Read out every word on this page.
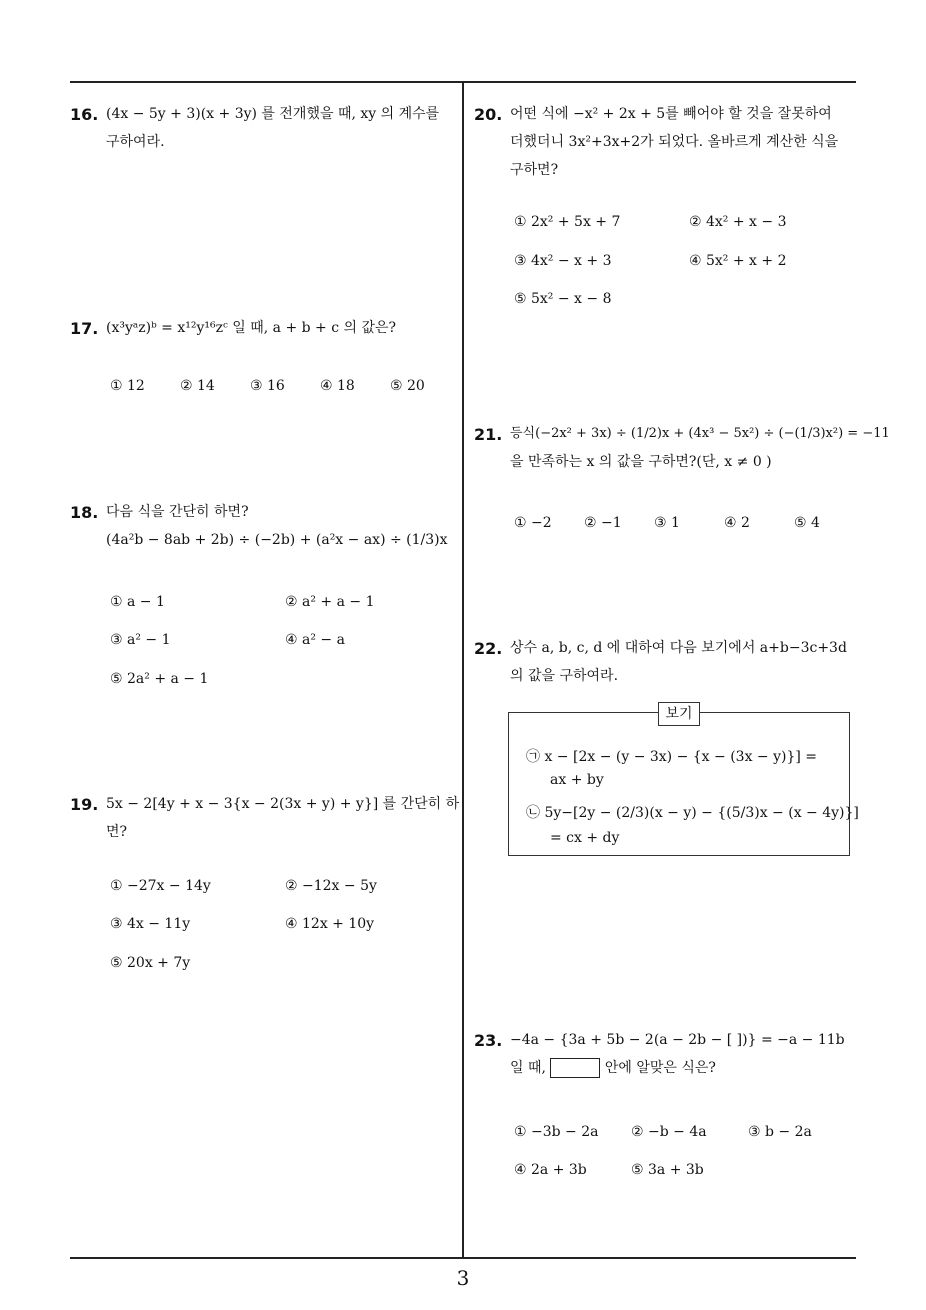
16. (4x − 5y + 3)(x + 3y) 를 전개했을 때, xy 의 계수를
구하여라.
17. (x³yᵃz)ᵇ = x¹²y¹⁶zᶜ 일 때, a + b + c 의 값은?
① 12	② 14	③ 16	④ 18	⑤ 20
18. 다음 식을 간단히 하면?
(4a²b − 8ab + 2b) ÷ (−2b) + (a²x − ax) ÷ (1/3)x
① a − 1	② a² + a − 1
③ a² − 1	④ a² − a
⑤ 2a² + a − 1
19. 5x − 2[4y + x − 3{x − 2(3x + y) + y}] 를 간단히 하
면?
① −27x − 14y	② −12x − 5y
③ 4x − 11y	④ 12x + 10y
⑤ 20x + 7y
20. 어떤 식에 −x² + 2x + 5를 빼어야 할 것을 잘못하여
더했더니 3x²+3x+2가 되었다. 올바르게 계산한 식을
구하면?
① 2x² + 5x + 7	② 4x² + x − 3
③ 4x² − x + 3	④ 5x² + x + 2
⑤ 5x² − x − 8
21. 등식(−2x² + 3x) ÷ (1/2)x + (4x³ − 5x²) ÷ (−(1/3)x²) = −11
을 만족하는 x 의 값을 구하면?(단, x ≠ 0 )
① −2 ② −1 ③ 1	④ 2	⑤ 4
22. 상수 a, b, c, d 에 대하여 다음 보기에서 a+b−3c+3d
의 값을 구하여라.
보기
㉠ x − [2x − (y − 3x) − {x − (3x − y)}] =
ax + by
㉡ 5y−[2y − (2/3)(x − y) − {(5/3)x − (x − 4y)}]
= cx + dy
23. −4a − {3a + 5b − 2(a − 2b − [ ])} = −a − 11b
일 때,	안에 알맞은 식은?
① −3b − 2a ② −b − 4a	③ b − 2a
④ 2a + 3b	⑤ 3a + 3b
3
